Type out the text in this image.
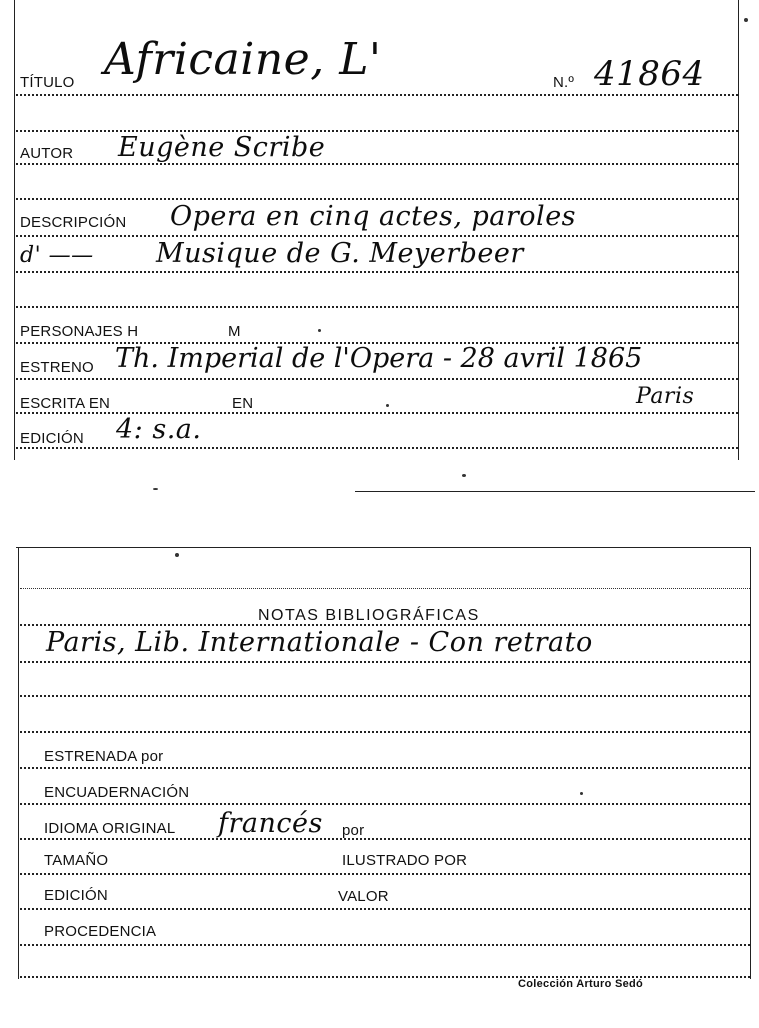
TÍTULO Africaine, L'	N.º 41864
AUTOR Eugène Scribe
DESCRIPCIÓN Opera en cinq actes, paroles
d' —— Musique de G. Meyerbeer
PERSONAJES H	M
ESTRENO Th. Imperial de l'Opera - 28 avril 1865
ESCRITA EN	EN	Paris
EDICIÓN 4: s.a.
NOTAS BIBLIOGRÁFICAS
Paris, Lib. Internationale - Con retrato
ESTRENADA por
ENCUADERNACIÓN
IDIOMA ORIGINAL francés por
TAMAÑO	ILUSTRADO POR
EDICIÓN	VALOR
PROCEDENCIA
Colección Arturo Sedó
